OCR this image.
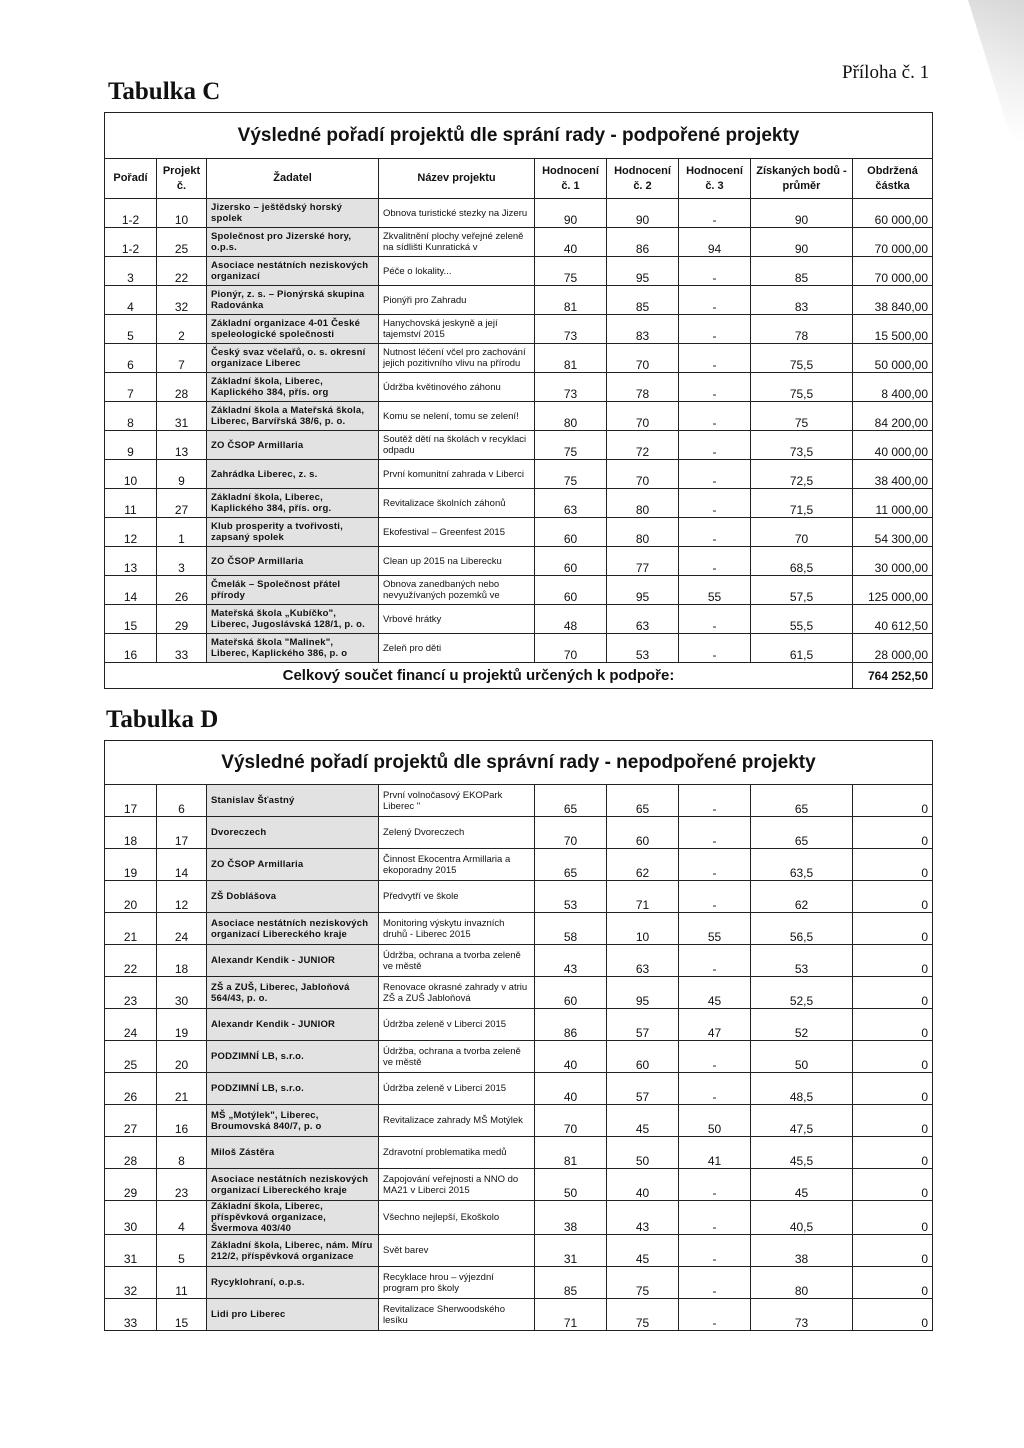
Příloha č. 1
Tabulka C
Výsledné pořadí projektů dle sprání rady - podpořené projekty								
Pořadí	Projekt č.	Žadatel	Název projektu	Hodnocení č. 1	Hodnocení č. 2	Hodnocení č. 3	Získaných bodů - průměr	Obdržená částka
1-2	10	Jizersko – ještědský horský spolek	Obnova turistické stezky na Jizeru	90	90	-	90	60 000,00
1-2	25	Společnost pro Jizerské hory, o.p.s.	Zkvalitnění plochy veřejné zeleně na sídlišti Kunratická v	40	86	94	90	70 000,00
3	22	Asociace nestátních neziskových organizací	Péče o lokality...	75	95	-	85	70 000,00
4	32	Pionýr, z. s. – Pionýrská skupina Radovánka	Pionýři pro Zahradu	81	85	-	83	38 840,00
5	2	Základní organizace 4-01 České speleologické společnosti	Hanychovská jeskyně a její tajemství 2015	73	83	-	78	15 500,00
6	7	Český svaz včelařů, o. s. okresní organizace Liberec	Nutnost léčení včel pro zachování jejich pozitivního vlivu na přírodu	81	70	-	75,5	50 000,00
7	28	Základní škola, Liberec, Kaplického 384, přís. org	Údržba květinového záhonu	73	78	-	75,5	8 400,00
8	31	Základní škola a Mateřská škola, Liberec, Barvířská 38/6, p. o.	Komu se nelení, tomu se zelení!	80	70	-	75	84 200,00
9	13	ZO ČSOP Armillaria	Soutěž dětí na školách v recyklaci odpadu	75	72	-	73,5	40 000,00
10	9	Zahrádka Liberec, z. s.	První komunitní zahrada v Liberci	75	70	-	72,5	38 400,00
11	27	Základní škola, Liberec, Kaplického 384, přís. org.	Revitalizace školních záhonů	63	80	-	71,5	11 000,00
12	1	Klub prosperity a tvořivosti, zapsaný spolek	Ekofestival – Greenfest 2015	60	80	-	70	54 300,00
13	3	ZO ČSOP Armillaria	Clean up 2015 na Liberecku	60	77	-	68,5	30 000,00
14	26	Čmelák – Společnost přátel přírody	Obnova zanedbaných nebo nevyužívaných pozemků ve	60	95	55	57,5	125 000,00
15	29	Mateřská škola „Kubíčko", Liberec, Jugoslávská 128/1, p. o.	Vrbové hrátky	48	63	-	55,5	40 612,50
16	33	Mateřská škola "Malinek", Liberec, Kaplického 386, p. o	Zeleň pro děti	70	53	-	61,5	28 000,00
Celkový součet financí u projektů určených k podpoře:								764 252,50
Tabulka D
Výsledné pořadí projektů dle správní rady - nepodpořené projekty								
17	6	Stanislav Šťastný	První volnočasový EKOPark Liberec "	65	65	-	65	0
18	17	Dvoreczech	Zelený Dvoreczech	70	60	-	65	0
19	14	ZO ČSOP Armillaria	Činnost Ekocentra Armillaria a ekoporadny 2015	65	62	-	63,5	0
20	12	ZŠ Doblášova	Předvytří ve škole	53	71	-	62	0
21	24	Asociace nestátních neziskových organizací Libereckého kraje	Monitoring výskytu invazních druhů - Liberec 2015	58	10	55	56,5	0
22	18	Alexandr Kendik - JUNIOR	Údržba, ochrana a tvorba zeleně ve městě	43	63	-	53	0
23	30	ZŠ a ZUŠ, Liberec, Jabloňová 564/43, p. o.	Renovace okrasné zahrady v atriu ZŠ a ZUŠ Jabloňová	60	95	45	52,5	0
24	19	Alexandr Kendik - JUNIOR	Údržba zeleně v Liberci 2015	86	57	47	52	0
25	20	PODZIMNÍ LB, s.r.o.	Údržba, ochrana a tvorba zeleně ve městě	40	60	-	50	0
26	21	PODZIMNÍ LB, s.r.o.	Údržba zeleně v Liberci 2015	40	57	-	48,5	0
27	16	MŠ „Motýlek", Liberec, Broumovská 840/7, p. o	Revitalizace zahrady MŠ Motýlek	70	45	50	47,5	0
28	8	Miloš Zástěra	Zdravotní problematika medů	81	50	41	45,5	0
29	23	Asociace nestátních neziskových organizací Libereckého kraje	Zapojování veřejnosti a NNO do MA21 v Liberci 2015	50	40	-	45	0
30	4	Základní škola, Liberec, příspěvková organizace, Švermova 403/40	Všechno nejlepší, Ekoškolo	38	43	-	40,5	0
31	5	Základní škola, Liberec, nám. Míru 212/2, příspěvková organizace	Svět barev	31	45	-	38	0
32	11	Rycyklohraní, o.p.s.	Recyklace hrou – výjezdní program pro školy	85	75	-	80	0
33	15	Lidi pro Liberec	Revitalizace Sherwoodského lesíku	71	75	-	73	0
